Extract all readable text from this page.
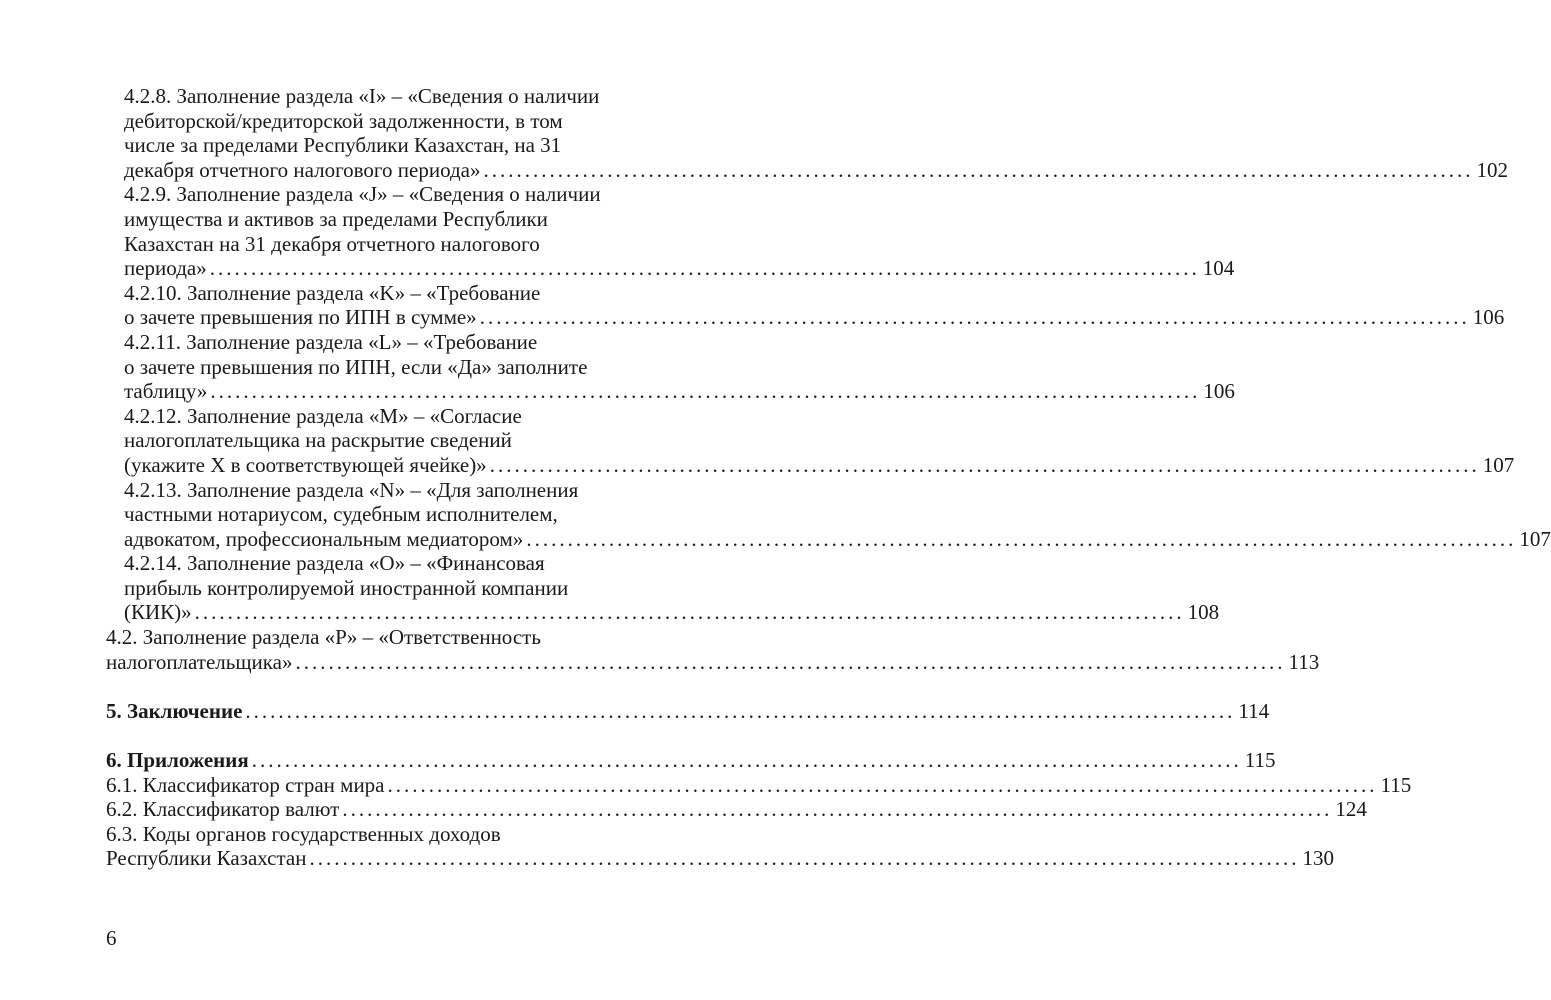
4.2.8. Заполнение раздела «I» – «Сведения о наличии
дебиторской/кредиторской задолженности, в том
числе за пределами Республики Казахстан, на 31
декабря отчетного налогового периода» ........................................................................................................................ 102
4.2.9. Заполнение раздела «J» – «Сведения о наличии
имущества и активов за пределами Республики
Казахстан на 31 декабря отчетного налогового
периода» ........................................................................................................................ 104
4.2.10. Заполнение раздела «K» – «Требование
о зачете превышения по ИПН в сумме» ........................................................................................................................ 106
4.2.11. Заполнение раздела «L» – «Требование
о зачете превышения по ИПН, если «Да» заполните
таблицу» ........................................................................................................................ 106
4.2.12. Заполнение раздела «M» – «Согласие
налогоплательщика на раскрытие сведений
(укажите X в соответствующей ячейке)» ........................................................................................................................ 107
4.2.13. Заполнение раздела «N» – «Для заполнения
частными нотариусом, судебным исполнителем,
адвокатом, профессиональным медиатором» ........................................................................................................................ 107
4.2.14. Заполнение раздела «O» – «Финансовая
прибыль контролируемой иностранной компании
(КИК)» ........................................................................................................................ 108
4.2. Заполнение раздела «P» – «Ответственность
налогоплательщика» ........................................................................................................................ 113
5. Заключение ........................................................................................................................ 114
6. Приложения ........................................................................................................................ 115
6.1. Классификатор стран мира ........................................................................................................................ 115
6.2. Классификатор валют ........................................................................................................................ 124
6.3. Коды органов государственных доходов
Республики Казахстан ........................................................................................................................ 130
6
